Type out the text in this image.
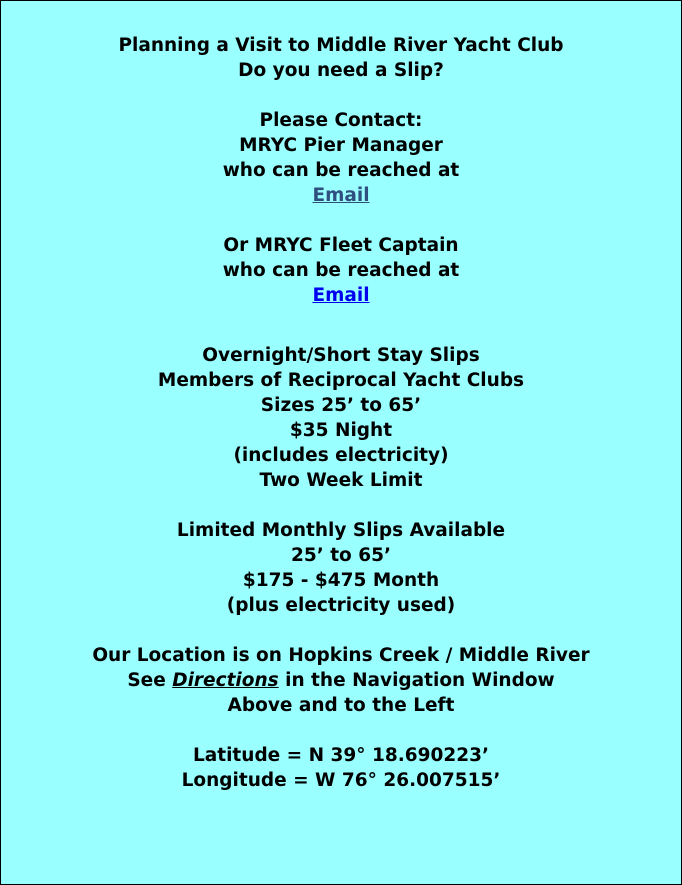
Planning a Visit to Middle River Yacht Club

Do you need a Slip?

Please Contact:

MRYC Pier Manager

who can be reached at

Email

Or MRYC Fleet Captain

who can be reached at

Email

Overnight/Short Stay Slips

Members of Reciprocal Yacht Clubs

Sizes 25’ to 65’

$35 Night

(includes electricity)

Two Week Limit

Limited Monthly Slips Available

25’ to 65’

$175 - $475 Month

(plus electricity used)

Our Location is on Hopkins Creek / Middle River

See Directions in the Navigation Window

Above and to the Left

Latitude = N 39° 18.690223’

Longitude = W 76° 26.007515’
